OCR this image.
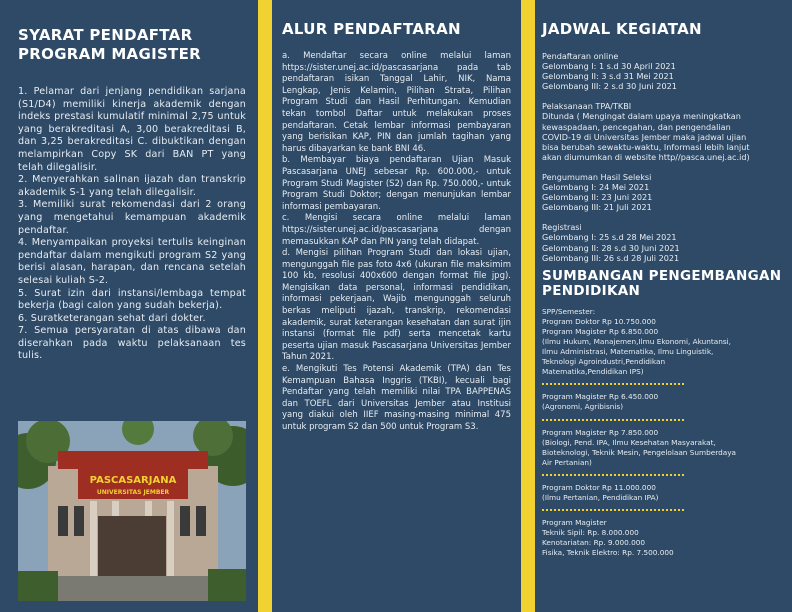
SYARAT PENDAFTAR
PROGRAM MAGISTER

1. Pelamar dari jenjang pendidikan sarjana (S1/D4) memiliki kinerja akademik dengan indeks prestasi kumulatif minimal 2,75 untuk yang berakreditasi A, 3,00 berakreditasi B, dan 3,25 berakreditasi C. dibuktikan dengan melampirkan Copy SK dari BAN PT yang telah dilegalisir.

2. Menyerahkan salinan ijazah dan transkrip akademik S-1 yang telah dilegalisir.

3. Memiliki surat rekomendasi dari 2 orang yang mengetahui kemampuan akademik pendaftar.

4. Menyampaikan proyeksi tertulis keinginan pendaftar dalam mengikuti program S2 yang berisi alasan, harapan, dan rencana setelah selesai kuliah S-2.

5. Surat izin dari instansi/lembaga tempat bekerja (bagi calon yang sudah bekerja).

6. Suratketerangan sehat dari dokter.

7. Semua persyaratan di atas dibawa dan diserahkan pada waktu pelaksanaan tes tulis.

PASCASARJANA
UNIVERSITAS JEMBER
ALUR PENDAFTARAN

a. Mendaftar secara online melalui laman https://sister.unej.ac.id/pascasarjana pada tab pendaftaran isikan Tanggal Lahir, NIK, Nama Lengkap, Jenis Kelamin, Pilihan Strata, Pilihan Program Studi dan Hasil Perhitungan. Kemudian tekan tombol Daftar untuk melakukan proses pendaftaran. Cetak lembar informasi pembayaran yang berisikan KAP, PIN dan jumlah tagihan yang harus dibayarkan ke bank BNI 46.

b. Membayar biaya pendaftaran Ujian Masuk Pascasarjana UNEJ sebesar Rp. 600.000,- untuk Program Studi Magister (S2) dan Rp. 750.000,- untuk Program Studi Doktor; dengan menunjukan lembar informasi pembayaran.

c. Mengisi secara online melalui laman https://sister.unej.ac.id/pascasarjana dengan memasukkan KAP dan PIN yang telah didapat.

d. Mengisi pilihan Program Studi dan lokasi ujian, mengunggah file pas foto 4x6 (ukuran file maksimim 100 kb, resolusi 400x600 dengan format file jpg). Mengisikan data personal, informasi pendidikan, informasi pekerjaan, Wajib mengunggah seluruh berkas meliputi ijazah, transkrip, rekomendasi akademik, surat keterangan kesehatan dan surat ijin instansi (format file pdf) serta mencetak kartu peserta ujian masuk Pascasarjana Universitas Jember Tahun 2021.

e. Mengikuti Tes Potensi Akademik (TPA) dan Tes Kemampuan Bahasa Inggris (TKBI), kecuali bagi Pendaftar yang telah memiliki nilai TPA BAPPENAS dan TOEFL dari Universitas Jember atau Institusi yang diakui oleh IIEF masing-masing minimal 475 untuk program S2 dan 500 untuk Program S3.

JADWAL KEGIATAN

Pendaftaran online

Gelombang I: 1 s.d 30 April 2021

Gelombang II: 3 s.d 31 Mei 2021

Gelombang III: 2 s.d 30 Juni 2021

Pelaksanaan TPA/TKBI

Ditunda ( Mengingat dalam upaya meningkatkan

kewaspadaan, pencegahan, dan pengendalian

COVID-19 di Universitas Jember maka jadwal ujian

bisa berubah sewaktu-waktu, Informasi lebih lanjut

akan diumumkan di website http//pasca.unej.ac.id)

Pengumuman Hasil Seleksi

Gelombang I: 24 Mei 2021

Gelombang II: 23 Juni 2021

Gelombang III: 21 Juli 2021

Registrasi

Gelombang I: 25 s.d 28 Mei 2021

Gelombang II: 28 s.d 30 Juni 2021

Gelombang III: 26 s.d 28 Juli 2021

SUMBANGAN PENGEMBANGAN
PENDIDIKAN

SPP/Semester:

Program Doktor Rp 10.750.000

Program Magister Rp 6.850.000

(Ilmu Hukum, Manajemen,Ilmu Ekonomi, Akuntansi,

Ilmu Administrasi, Matematika, Ilmu Linguistik,

Teknologi Agroindustri,Pendidikan

Matematika,Pendidikan IPS)

Program Magister Rp 6.450.000

(Agronomi, Agribisnis)

Program Magister Rp 7.850.000

(Biologi, Pend. IPA, Ilmu Kesehatan Masyarakat,

Bioteknologi, Teknik Mesin, Pengelolaan Sumberdaya

Air Pertanian)

Program Doktor Rp 11.000.000

(Ilmu Pertanian, Pendidikan IPA)

Program Magister

Teknik Sipil: Rp. 8.000.000

Kenotariatan: Rp. 9.000.000

Fisika, Teknik Elektro: Rp. 7.500.000
